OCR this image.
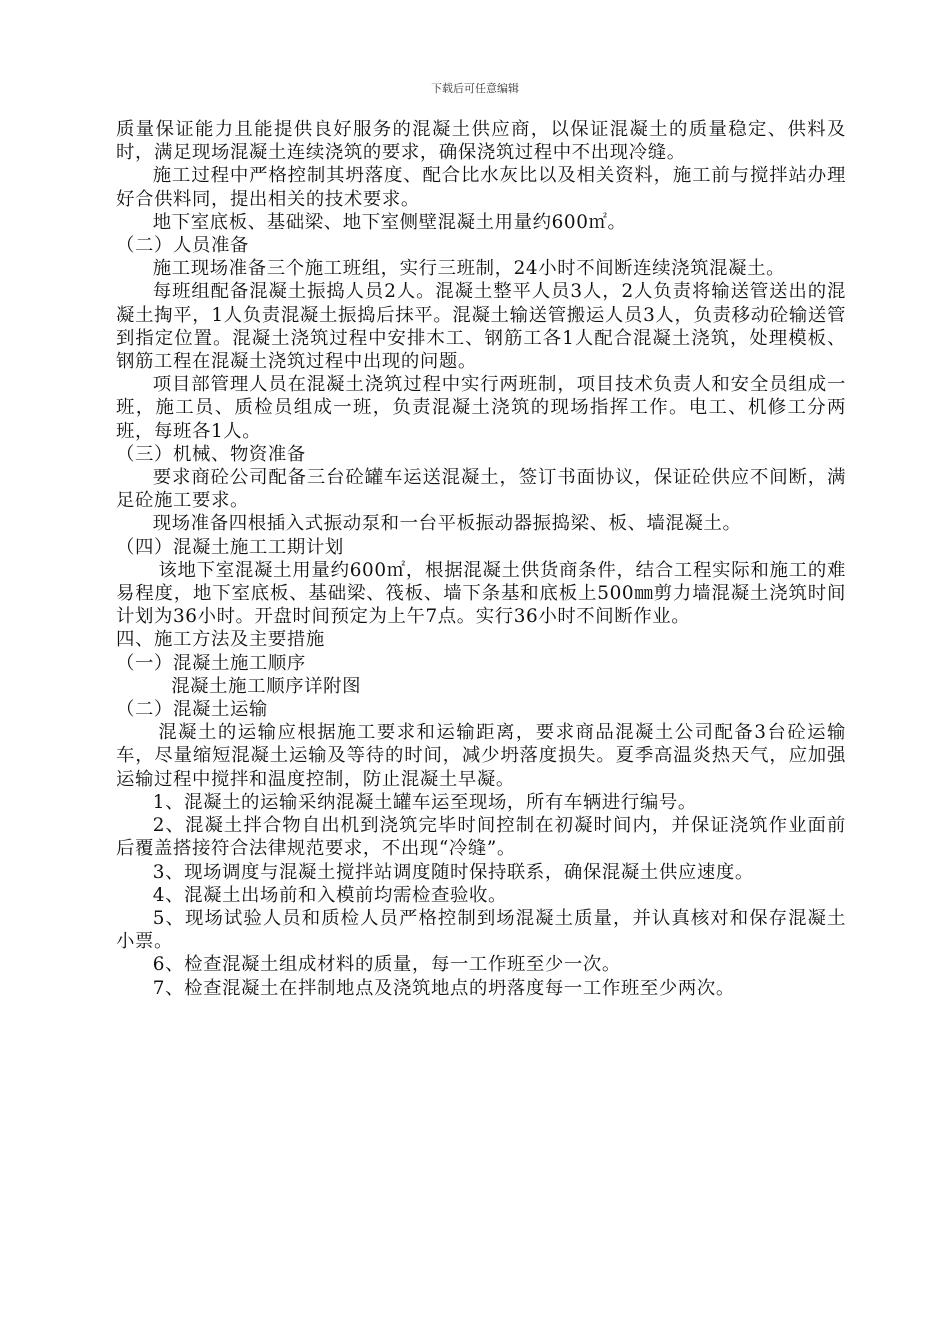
下载后可任意编辑

质量保证能力且能提供良好服务的混凝土供应商，以保证混凝土的质量稳定、供料及时，满足现场混凝土连续浇筑的要求，确保浇筑过程中不出现冷缝。

施工过程中严格控制其坍落度、配合比水灰比以及相关资料，施工前与搅拌站办理好合供料同，提出相关的技术要求。

地下室底板、基础梁、地下室侧壁混凝土用量约600㎡。

（二）人员准备

施工现场准备三个施工班组，实行三班制，24小时不间断连续浇筑混凝土。

每班组配备混凝土振捣人员2人。混凝土整平人员3人，2人负责将输送管送出的混凝土掏平，1人负责混凝土振捣后抹平。混凝土输送管搬运人员3人，负责移动砼输送管到指定位置。混凝土浇筑过程中安排木工、钢筋工各1人配合混凝土浇筑，处理模板、钢筋工程在混凝土浇筑过程中出现的问题。

项目部管理人员在混凝土浇筑过程中实行两班制，项目技术负责人和安全员组成一班，施工员、质检员组成一班，负责混凝土浇筑的现场指挥工作。电工、机修工分两班，每班各1人。

（三）机械、物资准备

要求商砼公司配备三台砼罐车运送混凝土，签订书面协议，保证砼供应不间断，满足砼施工要求。

现场准备四根插入式振动泵和一台平板振动器振捣梁、板、墙混凝土。

（四）混凝土施工工期计划

该地下室混凝土用量约600㎡，根据混凝土供货商条件，结合工程实际和施工的难易程度，地下室底板、基础梁、筏板、墙下条基和底板上500㎜剪力墙混凝土浇筑时间计划为36小时。开盘时间预定为上午7点。实行36小时不间断作业。

四、施工方法及主要措施

（一）混凝土施工顺序

混凝土施工顺序详附图

（二）混凝土运输

混凝土的运输应根据施工要求和运输距离，要求商品混凝土公司配备3台砼运输车，尽量缩短混凝土运输及等待的时间，减少坍落度损失。夏季高温炎热天气，应加强运输过程中搅拌和温度控制，防止混凝土早凝。

1、混凝土的运输采纳混凝土罐车运至现场，所有车辆进行编号。

2、混凝土拌合物自出机到浇筑完毕时间控制在初凝时间内，并保证浇筑作业面前后覆盖搭接符合法律规范要求，不出现“冷缝”。

3、现场调度与混凝土搅拌站调度随时保持联系，确保混凝土供应速度。

4、混凝土出场前和入模前均需检查验收。

5、现场试验人员和质检人员严格控制到场混凝土质量，并认真核对和保存混凝土小票。

6、检查混凝土组成材料的质量，每一工作班至少一次。

7、检查混凝土在拌制地点及浇筑地点的坍落度每一工作班至少两次。
